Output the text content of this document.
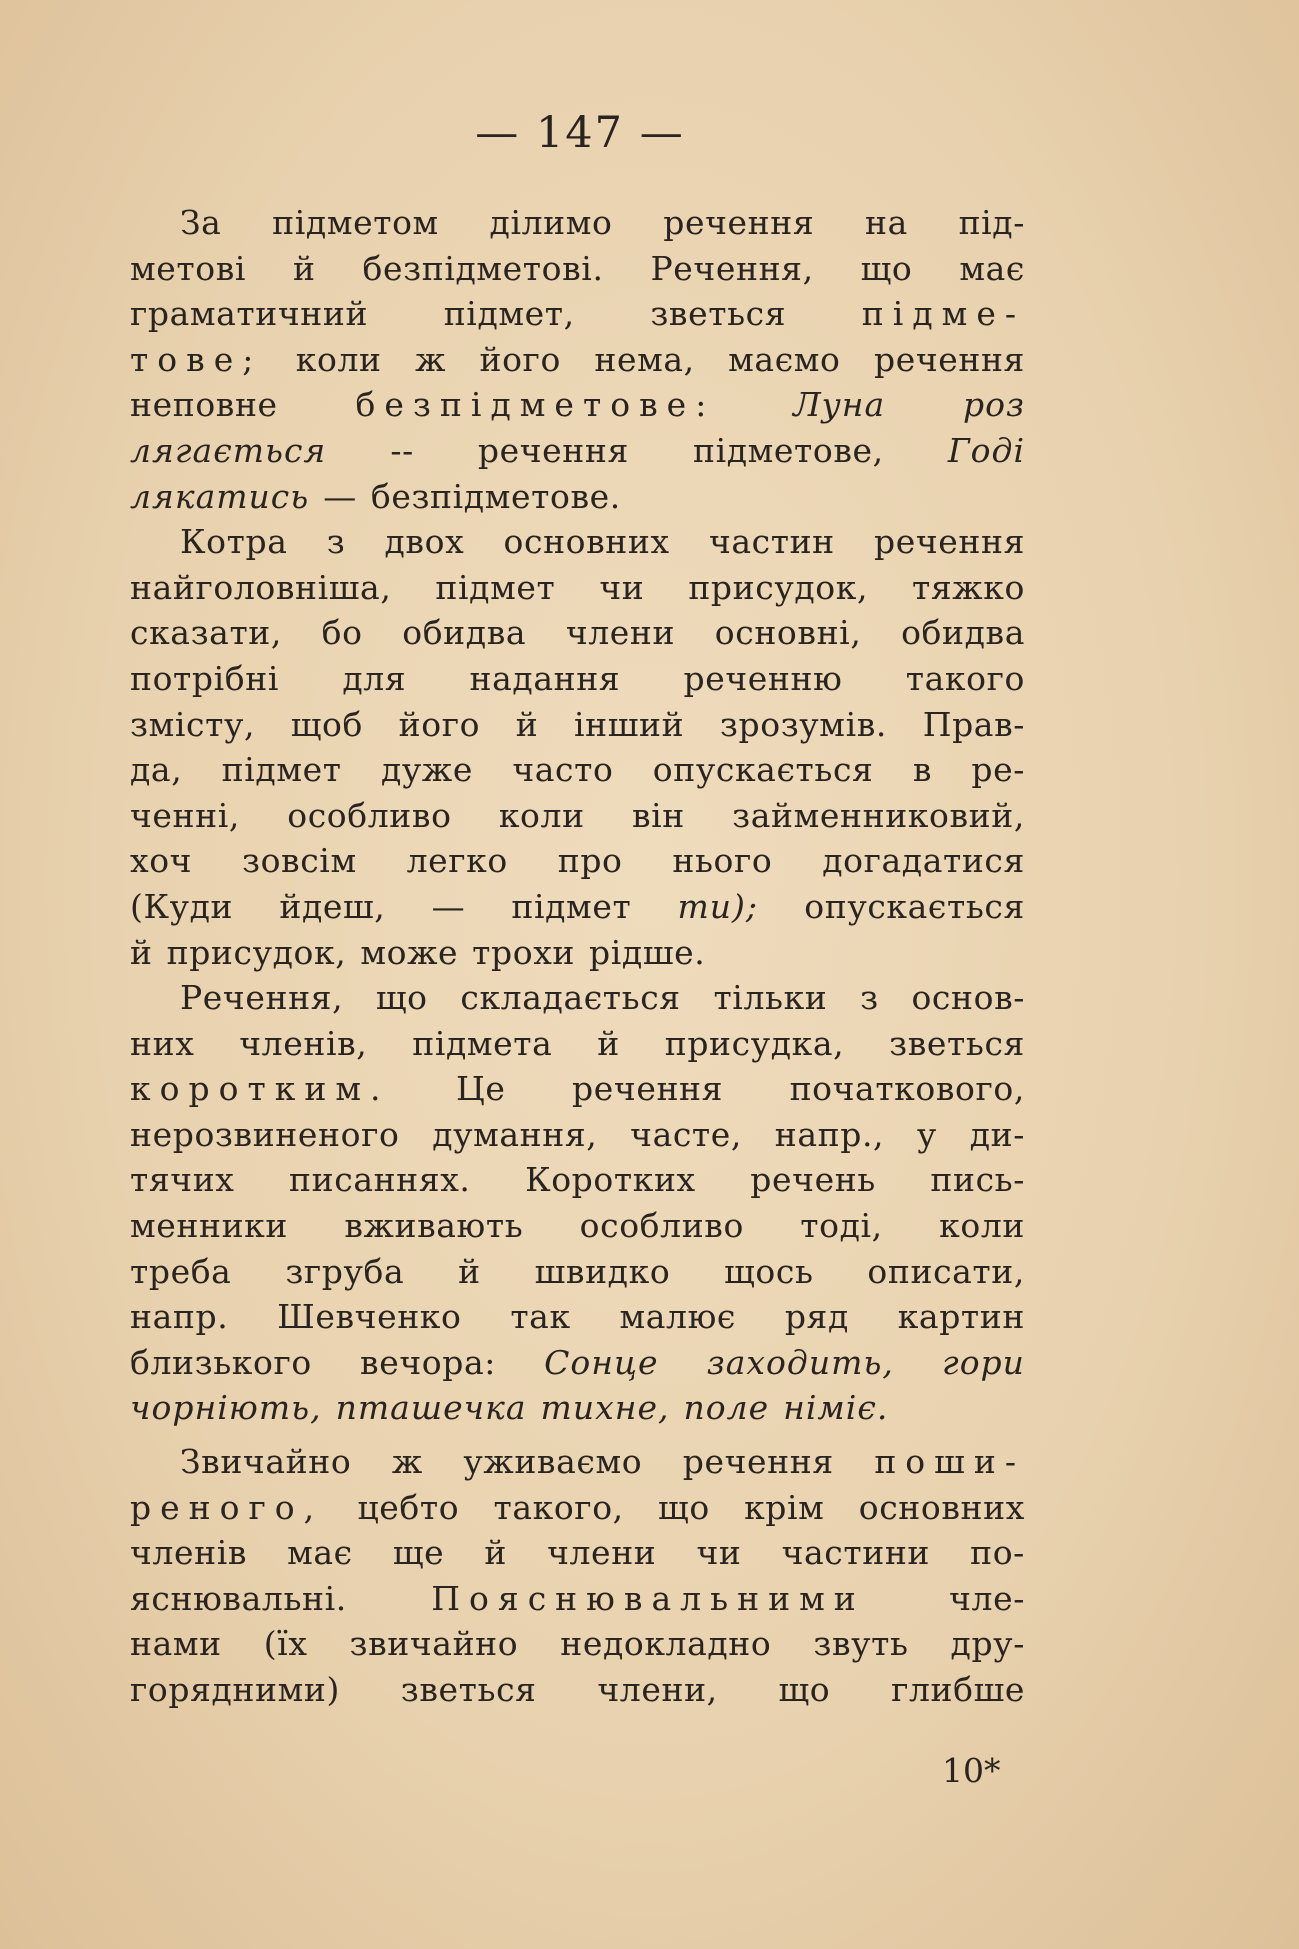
— 147 —
За підметом ділимо речення на під-
метові й безпідметові. Речення, що має
граматичний підмет, зветься підме-
тове; коли ж його нема, маємо речення
неповне безпідметове: Луна роз
лягається -- речення підметове, Годі
лякатись — безпідметове.
Котра з двох основних частин речення
найголовніша, підмет чи присудок, тяжко
сказати, бо обидва члени основні, обидва
потрібні для надання реченню такого
змісту, щоб його й інший зрозумів. Прав-
да, підмет дуже часто опускається в ре-
ченні, особливо коли він займенниковий,
хоч зовсім легко про нього догадатися
(Куди йдеш, — підмет ти); опускається
й присудок, може трохи рідше.
Речення, що складається тільки з основ-
них членів, підмета й присудка, зветься
коротким. Це речення початкового,
нерозвиненого думання, часте, напр., у ди-
тячих писаннях. Коротких речень пись-
менники вживають особливо тоді, коли
треба згруба й швидко щось описати,
напр. Шевченко так малює ряд картин
близького вечора: Сонце заходить, гори
чорніють, пташечка тихне, поле німіє.
Звичайно ж уживаємо речення поши-
реного, цебто такого, що крім основних
членів має ще й члени чи частини по-
яснювальні.	Пояснювальними	чле-
нами (їх звичайно недокладно звуть дру-
горядними) зветься члени, що глибше
10*
